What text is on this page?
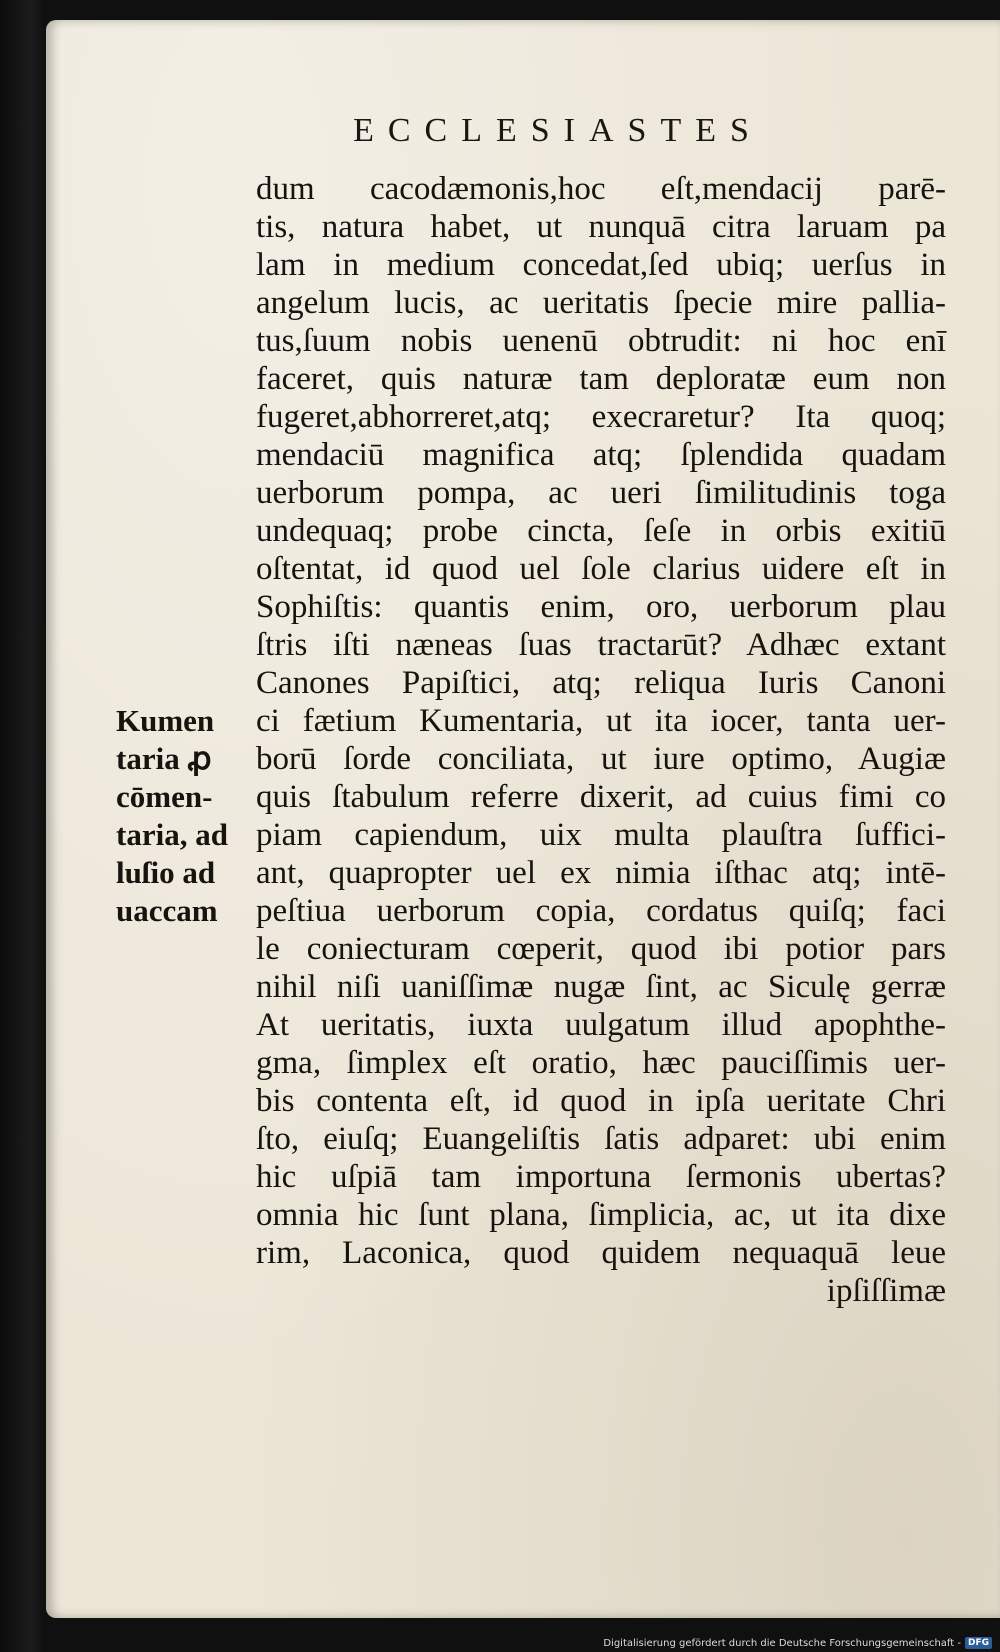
ECCLESIASTES
dum cacodæmonis,hoc eſt,mendacij parē-
tis, natura habet, ut nunquā citra laruam pa
lam in medium concedat,ſed ubiq; uerſus in
angelum lucis, ac ueritatis ſpecie mire pallia-
tus,ſuum nobis uenenū obtrudit: ni hoc enī
faceret, quis naturæ tam deploratæ eum non
fugeret,abhorreret,atq; execraretur? Ita quoq;
mendaciū magnifica atq; ſplendida quadam
uerborum pompa, ac ueri ſimilitudinis toga
undequaq; probe cincta, ſeſe in orbis exitiū
oſtentat, id quod uel ſole clarius uidere eſt in
Sophiſtis: quantis enim, oro, uerborum plau
ſtris iſti næneas ſuas tractarūt? Adhæc extant
Canones Papiſtici, atq; reliqua Iuris Canoni
ci fætium Kumentaria, ut ita iocer, tanta uer-
borū ſorde conciliata, ut iure optimo, Augiæ
quis ſtabulum referre dixerit, ad cuius fimi co
piam capiendum, uix multa plauſtra ſuffici-
ant, quapropter uel ex nimia iſthac atq; intē-
peſtiua uerborum copia, cordatus quiſq; faci
le coniecturam cœperit, quod ibi potior pars
nihil niſi uaniſſimæ nugæ ſint, ac Siculę gerræ
At ueritatis, iuxta uulgatum illud apophthe-
gma, ſimplex eſt oratio, hæc pauciſſimis uer-
bis contenta eſt, id quod in ipſa ueritate Chri
ſto, eiuſq; Euangeliſtis ſatis adparet: ubi enim
hic uſpiā tam importuna ſermonis ubertas?
omnia hic ſunt plana, ſimplicia, ac, ut ita dixe
rim, Laconica, quod quidem nequaquā leue
ipſiſſimæ
Kumen
taria ꝓ
cōmen-
taria, ad
luſio ad
uaccam
Digitalisierung gefördert durch die Deutsche Forschungsgemeinschaft - DFG
